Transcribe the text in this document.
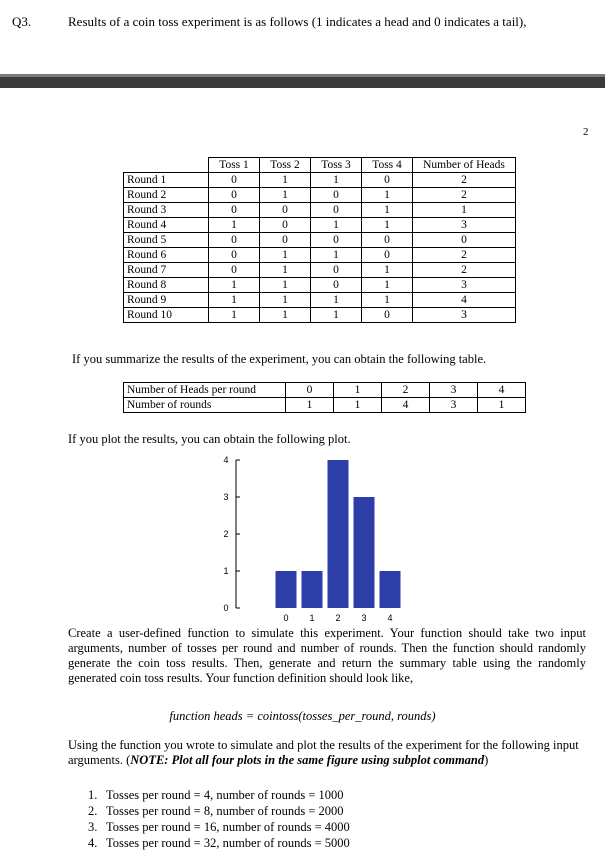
Q3.	Results of a coin toss experiment is as follows (1 indicates a head and 0 indicates a tail),
2
	Toss 1	Toss 2	Toss 3	Toss 4	Number of Heads
Round 1	0	1	1	0	2
Round 2	0	1	0	1	2
Round 3	0	0	0	1	1
Round 4	1	0	1	1	3
Round 5	0	0	0	0	0
Round 6	0	1	1	0	2
Round 7	0	1	0	1	2
Round 8	1	1	0	1	3
Round 9	1	1	1	1	4
Round 10	1	1	1	0	3
If you summarize the results of the experiment, you can obtain the following table.
Number of Heads per round	0	1	2	3	4
Number of rounds	1	1	4	3	1
If you plot the results, you can obtain the following plot.
0
1
2
3
4
0 1 2 3 4
Create a user-defined function to simulate this experiment. Your function should take two input arguments, number of tosses per round and number of rounds. Then the function should randomly generate the coin toss results. Then, generate and return the summary table using the randomly generated coin toss results. Your function definition should look like,
function heads = cointoss(tosses_per_round, rounds)
Using the function you wrote to simulate and plot the results of the experiment for the following input arguments. (NOTE: Plot all four plots in the same figure using subplot command)
1. Tosses per round = 4, number of rounds = 1000
2. Tosses per round = 8, number of rounds = 2000
3. Tosses per round = 16, number of rounds = 4000
4. Tosses per round = 32, number of rounds = 5000
